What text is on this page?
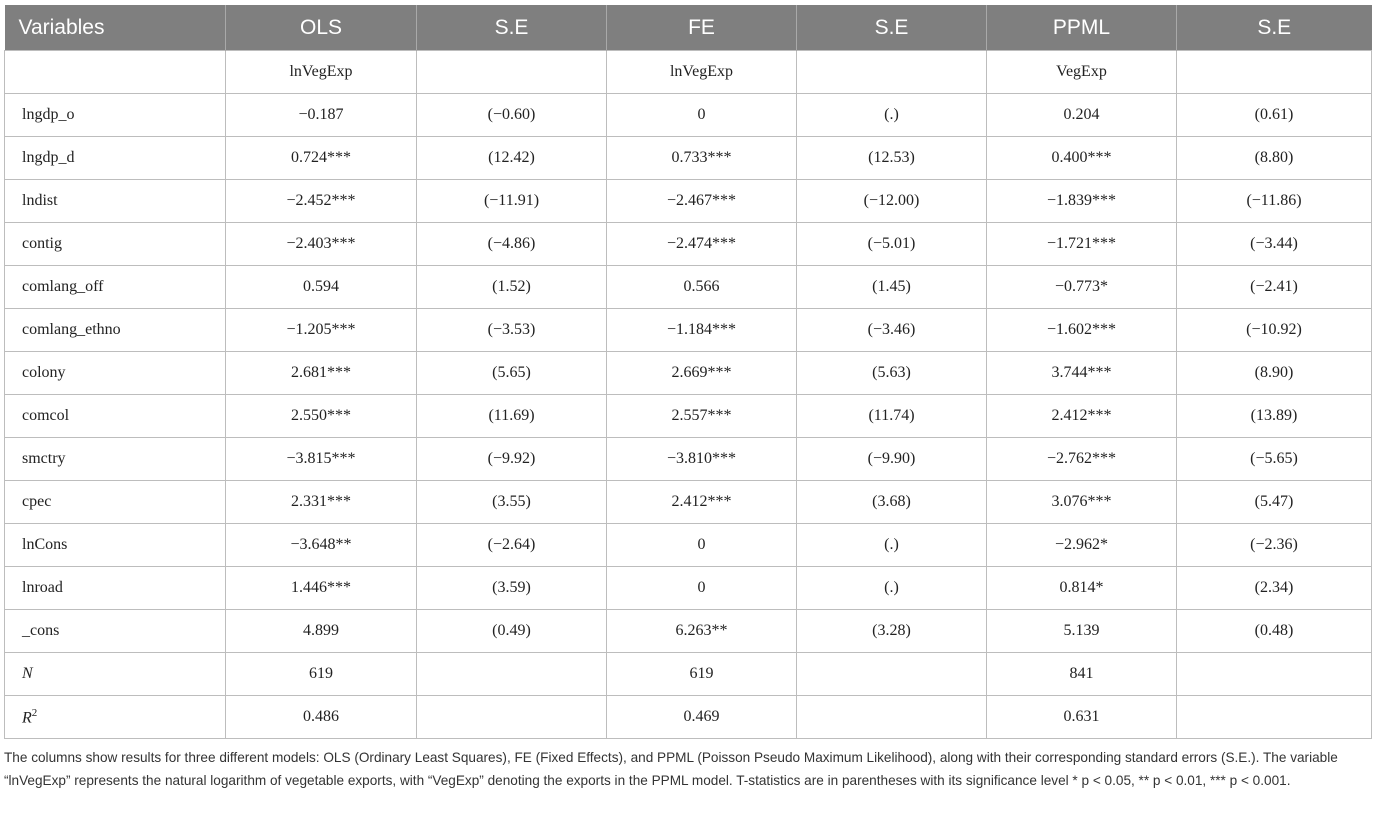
Variables	OLS	S.E	FE	S.E	PPML	S.E
	lnVegExp		lnVegExp		VegExp	
lngdp_o	−0.187	(−0.60)	0	(.)	0.204	(0.61)
lngdp_d	0.724***	(12.42)	0.733***	(12.53)	0.400***	(8.80)
lndist	−2.452***	(−11.91)	−2.467***	(−12.00)	−1.839***	(−11.86)
contig	−2.403***	(−4.86)	−2.474***	(−5.01)	−1.721***	(−3.44)
comlang_off	0.594	(1.52)	0.566	(1.45)	−0.773*	(−2.41)
comlang_ethno	−1.205***	(−3.53)	−1.184***	(−3.46)	−1.602***	(−10.92)
colony	2.681***	(5.65)	2.669***	(5.63)	3.744***	(8.90)
comcol	2.550***	(11.69)	2.557***	(11.74)	2.412***	(13.89)
smctry	−3.815***	(−9.92)	−3.810***	(−9.90)	−2.762***	(−5.65)
cpec	2.331***	(3.55)	2.412***	(3.68)	3.076***	(5.47)
lnCons	−3.648**	(−2.64)	0	(.)	−2.962*	(−2.36)
lnroad	1.446***	(3.59)	0	(.)	0.814*	(2.34)
_cons	4.899	(0.49)	6.263**	(3.28)	5.139	(0.48)
N	619		619		841	
$R^2$	0.486		0.469		0.631	

The columns show results for three different models: OLS (Ordinary Least Squares), FE (Fixed Effects), and PPML (Poisson Pseudo Maximum Likelihood), along with their corresponding standard errors (S.E.). The variable “lnVegExp” represents the natural logarithm of vegetable exports, with “VegExp” denoting the exports in the PPML model. T-statistics are in parentheses with its significance level * p < 0.05, ** p < 0.01, *** p < 0.001.
